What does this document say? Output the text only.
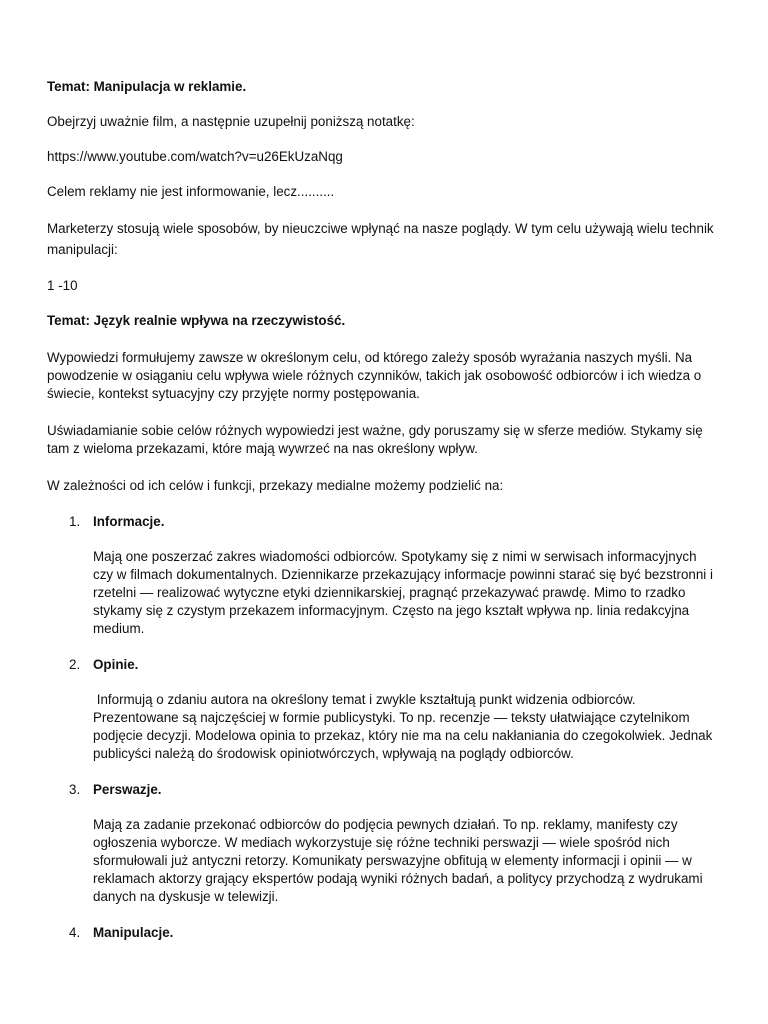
Temat: Manipulacja w reklamie.

Obejrzyj uważnie film, a następnie uzupełnij poniższą notatkę:

https://www.youtube.com/watch?v=u26EkUzaNqg

Celem reklamy nie jest informowanie, lecz..........

Marketerzy stosują wiele sposobów, by nieuczciwe wpłynąć na nasze poglądy. W tym celu używają wielu technik manipulacji:

1 -10

Temat: Język realnie wpływa na rzeczywistość.

Wypowiedzi formułujemy zawsze w określonym celu, od którego zależy sposób wyrażania naszych myśli. Na powodzenie w osiąganiu celu wpływa wiele różnych czynników, takich jak osobowość odbiorców i ich wiedza o świecie, kontekst sytuacyjny czy przyjęte normy postępowania.

Uświadamianie sobie celów różnych wypowiedzi jest ważne, gdy poruszamy się w sferze mediów. Stykamy się tam z wieloma przekazami, które mają wywrzeć na nas określony wpływ.

W zależności od ich celów i funkcji, przekazy medialne możemy podzielić na:

1. Informacje.

Mają one poszerzać zakres wiadomości odbiorców. Spotykamy się z nimi w serwisach informacyjnych czy w filmach dokumentalnych. Dziennikarze przekazujący informacje powinni starać się być bezstronni i rzetelni — realizować wytyczne etyki dziennikarskiej, pragnąć przekazywać prawdę. Mimo to rzadko stykamy się z czystym przekazem informacyjnym. Często na jego kształt wpływa np. linia redakcyjna medium.

2. Opinie.

Informują o zdaniu autora na określony temat i zwykle kształtują punkt widzenia odbiorców. Prezentowane są najczęściej w formie publicystyki. To np. recenzje — teksty ułatwiające czytelnikom podjęcie decyzji. Modelowa opinia to przekaz, który nie ma na celu nakłaniania do czegokolwiek. Jednak publicyści należą do środowisk opiniotwórczych, wpływają na poglądy odbiorców.

3. Perswazje.

Mają za zadanie przekonać odbiorców do podjęcia pewnych działań. To np. reklamy, manifesty czy ogłoszenia wyborcze. W mediach wykorzystuje się różne techniki perswazji — wiele spośród nich sformułowali już antyczni retorzy. Komunikaty perswazyjne obfitują w elementy informacji i opinii — w reklamach aktorzy grający ekspertów podają wyniki różnych badań, a politycy przychodzą z wydrukami danych na dyskusje w telewizji.

4. Manipulacje.
